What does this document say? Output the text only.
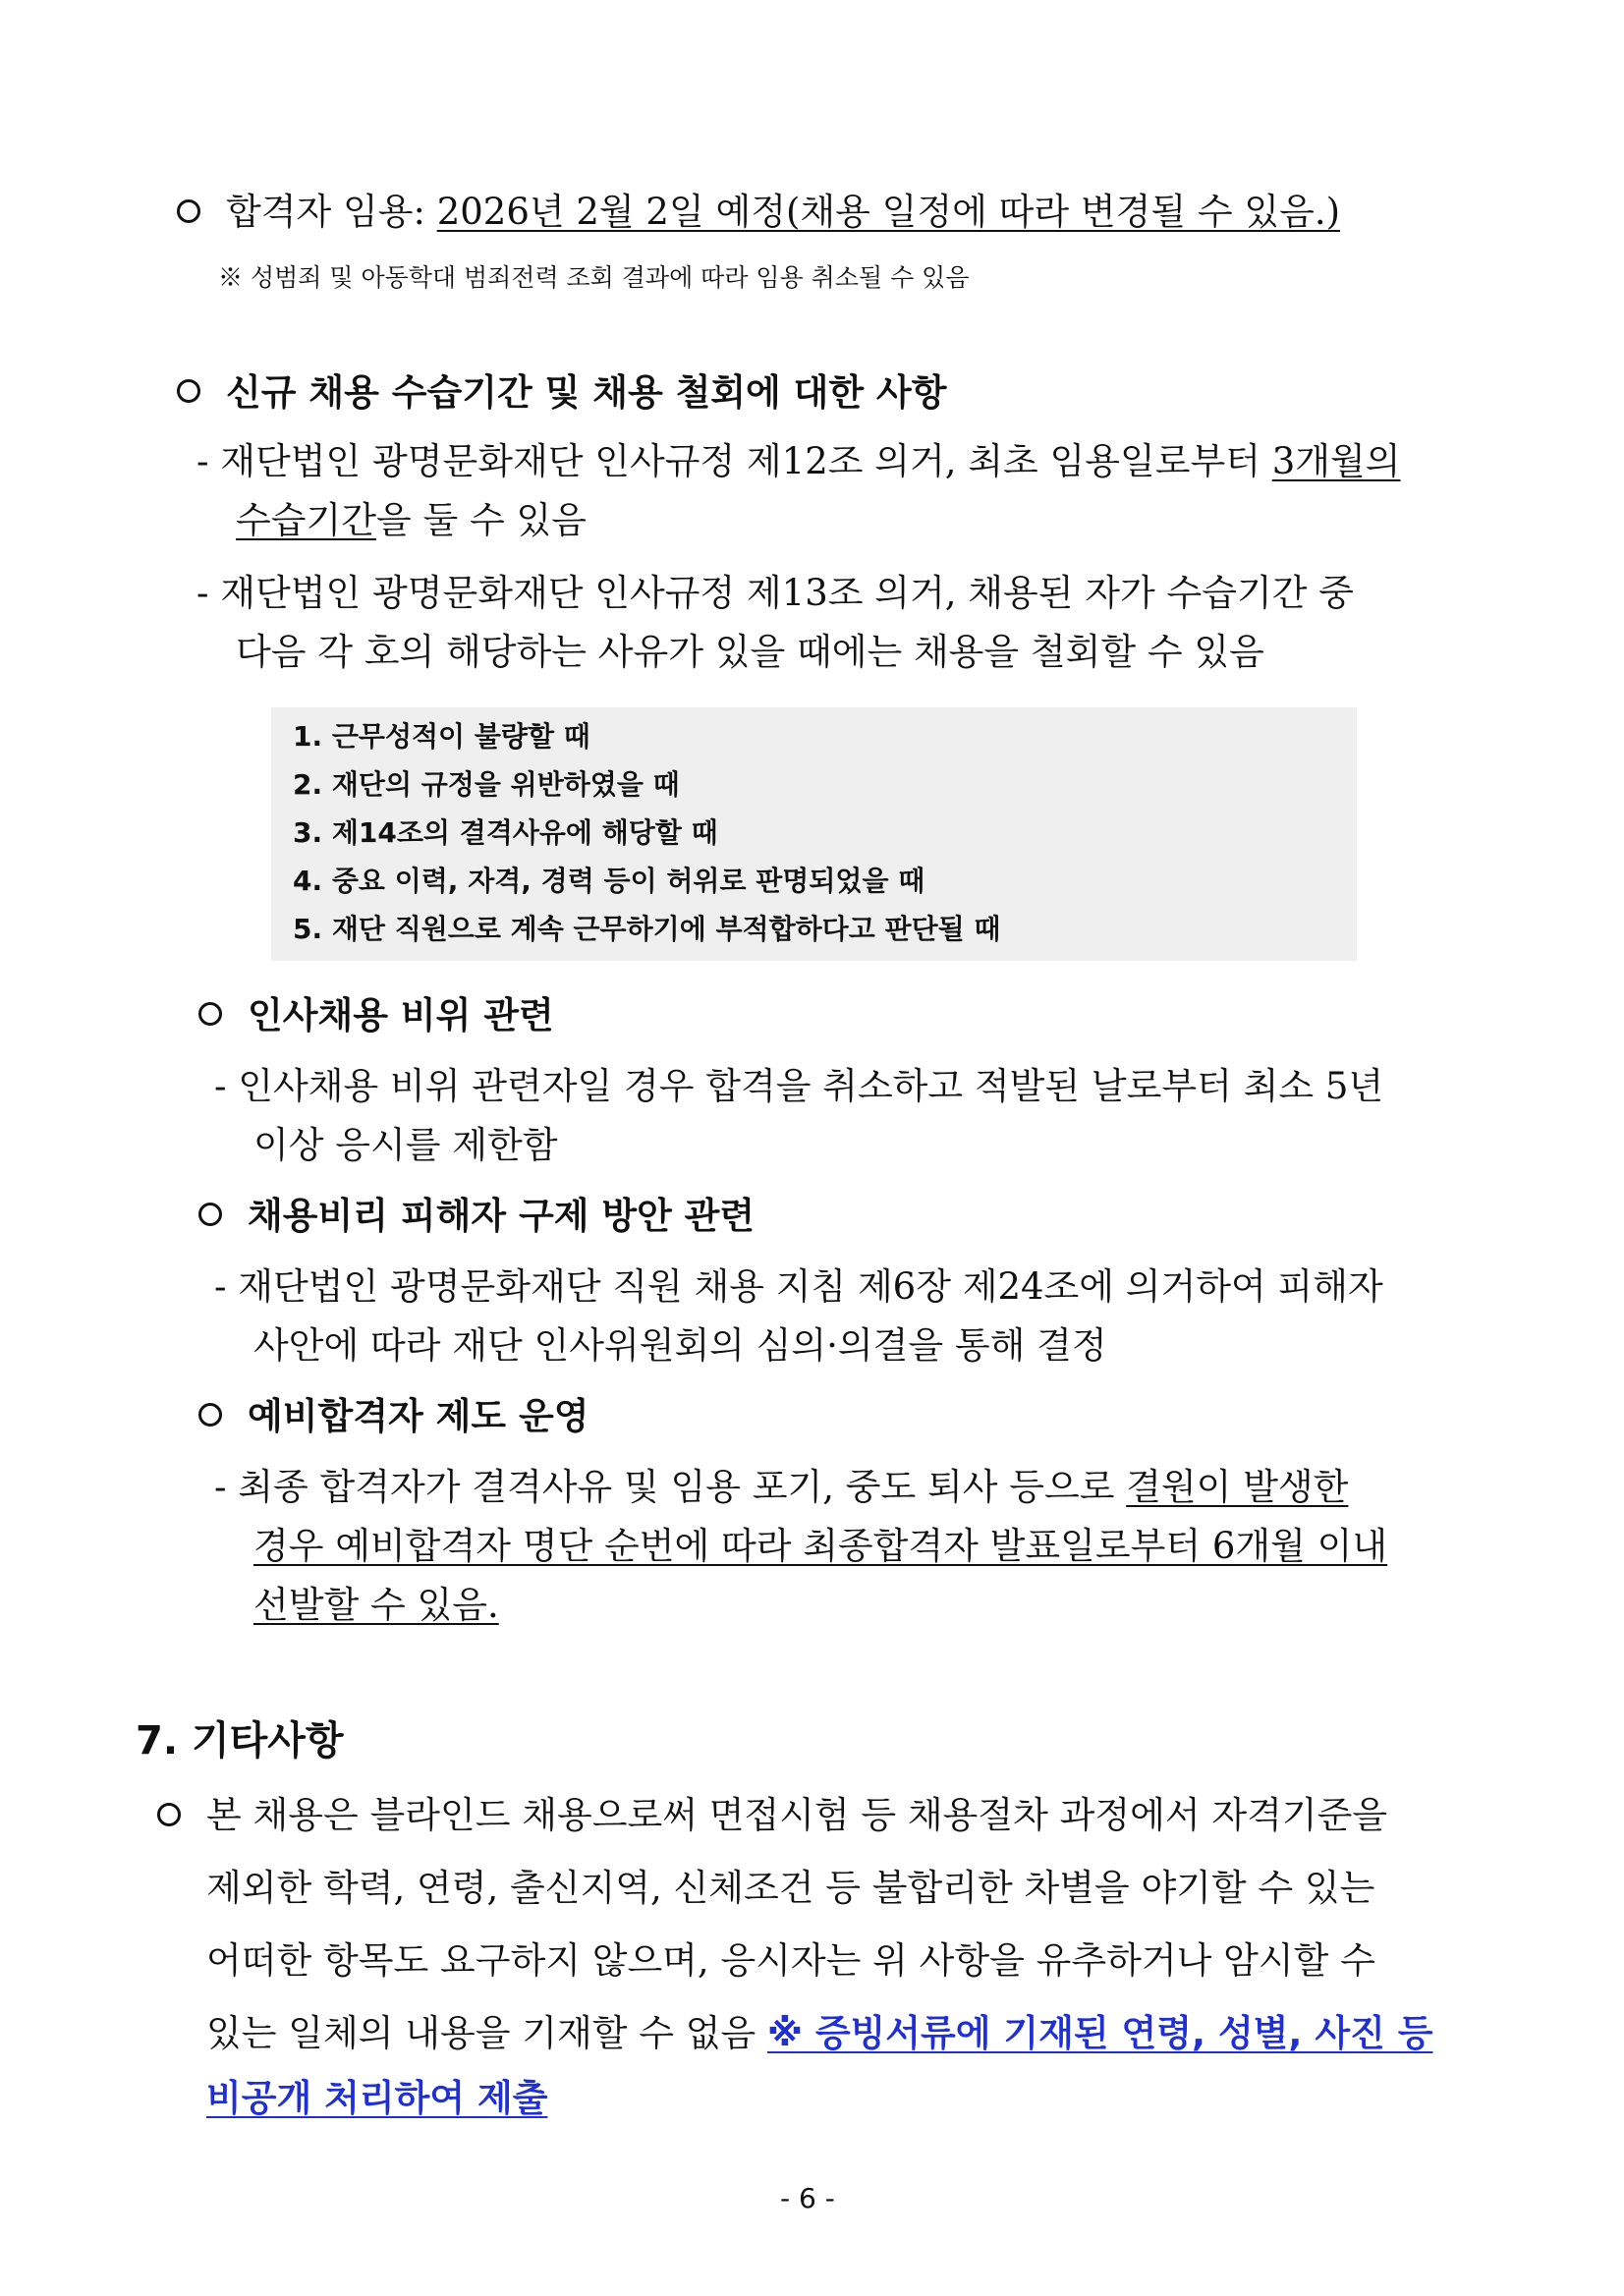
합격자 임용: 2026년 2월 2일 예정(채용 일정에 따라 변경될 수 있음.)
※ 성범죄 및 아동학대 범죄전력 조회 결과에 따라 임용 취소될 수 있음
신규 채용 수습기간 및 채용 철회에 대한 사항
- 재단법인 광명문화재단 인사규정 제12조 의거, 최초 임용일로부터 3개월의
수습기간을 둘 수 있음
- 재단법인 광명문화재단 인사규정 제13조 의거, 채용된 자가 수습기간 중
다음 각 호의 해당하는 사유가 있을 때에는 채용을 철회할 수 있음
1. 근무성적이 불량할 때
2. 재단의 규정을 위반하였을 때
3. 제14조의 결격사유에 해당할 때
4. 중요 이력, 자격, 경력 등이 허위로 판명되었을 때
5. 재단 직원으로 계속 근무하기에 부적합하다고 판단될 때
인사채용 비위 관련
- 인사채용 비위 관련자일 경우 합격을 취소하고 적발된 날로부터 최소 5년
이상 응시를 제한함
채용비리 피해자 구제 방안 관련
- 재단법인 광명문화재단 직원 채용 지침 제6장 제24조에 의거하여 피해자
사안에 따라 재단 인사위원회의 심의·의결을 통해 결정
예비합격자 제도 운영
- 최종 합격자가 결격사유 및 임용 포기, 중도 퇴사 등으로 결원이 발생한
경우 예비합격자 명단 순번에 따라 최종합격자 발표일로부터 6개월 이내
선발할 수 있음.
7. 기타사항
본 채용은 블라인드 채용으로써 면접시험 등 채용절차 과정에서 자격기준을
제외한 학력, 연령, 출신지역, 신체조건 등 불합리한 차별을 야기할 수 있는
어떠한 항목도 요구하지 않으며, 응시자는 위 사항을 유추하거나 암시할 수
있는 일체의 내용을 기재할 수 없음 ※ 증빙서류에 기재된 연령, 성별, 사진 등
비공개 처리하여 제출
- 6 -
